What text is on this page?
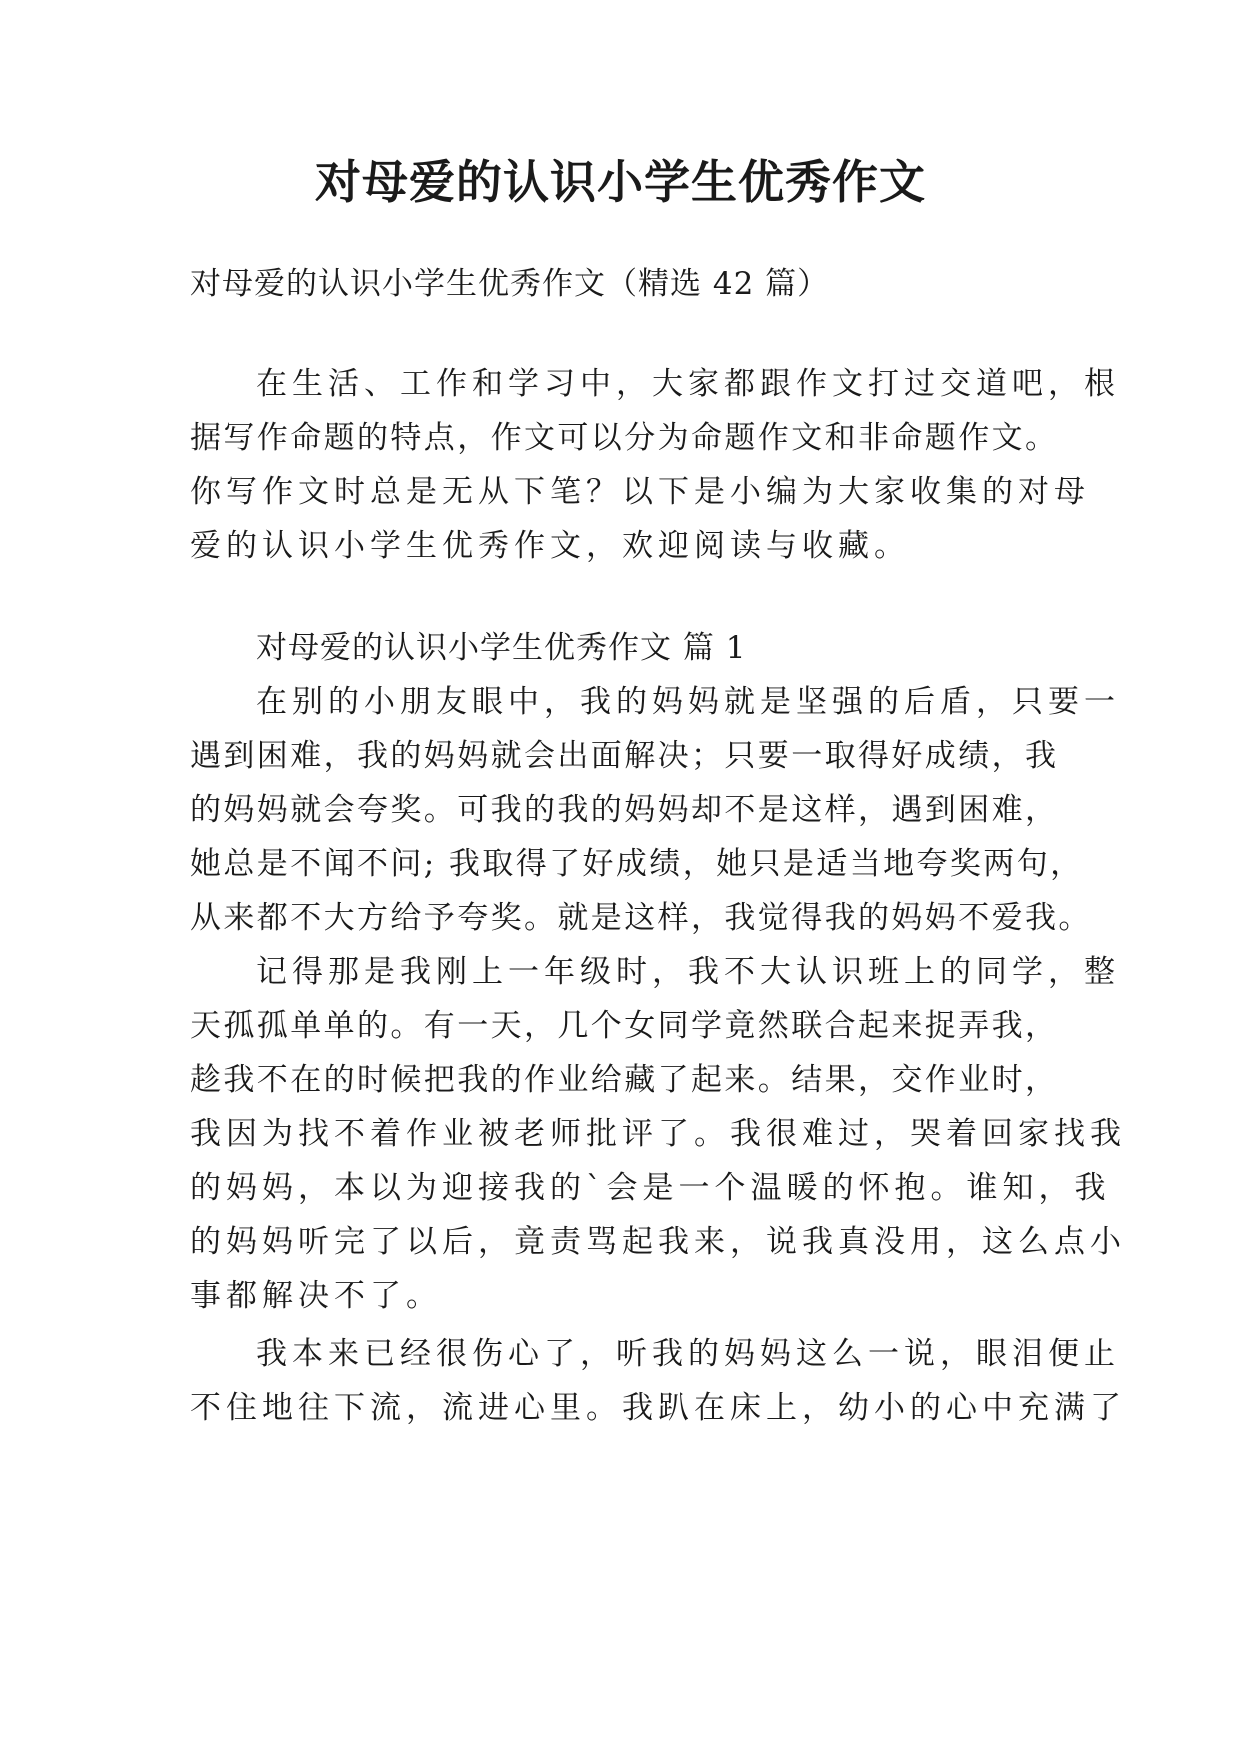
对母爱的认识小学生优秀作文
对母爱的认识小学生优秀作文（精选 42 篇）
在生活、工作和学习中，大家都跟作文打过交道吧，根
据写作命题的特点，作文可以分为命题作文和非命题作文。
你写作文时总是无从下笔？以下是小编为大家收集的对母
爱的认识小学生优秀作文，欢迎阅读与收藏。
对母爱的认识小学生优秀作文 篇 1
在别的小朋友眼中，我的妈妈就是坚强的后盾，只要一
遇到困难，我的妈妈就会出面解决；只要一取得好成绩，我
的妈妈就会夸奖。可我的我的妈妈却不是这样，遇到困难，
她总是不闻不问; 我取得了好成绩，她只是适当地夸奖两句，
从来都不大方给予夸奖。就是这样，我觉得我的妈妈不爱我。
记得那是我刚上一年级时，我不大认识班上的同学，整
天孤孤单单的。有一天，几个女同学竟然联合起来捉弄我，
趁我不在的时候把我的作业给藏了起来。结果，交作业时，
我因为找不着作业被老师批评了。我很难过，哭着回家找我
的妈妈，本以为迎接我的`会是一个温暖的怀抱。谁知，我
的妈妈听完了以后，竟责骂起我来，说我真没用，这么点小
事都解决不了。
我本来已经很伤心了，听我的妈妈这么一说，眼泪便止
不住地往下流，流进心里。我趴在床上，幼小的心中充满了
